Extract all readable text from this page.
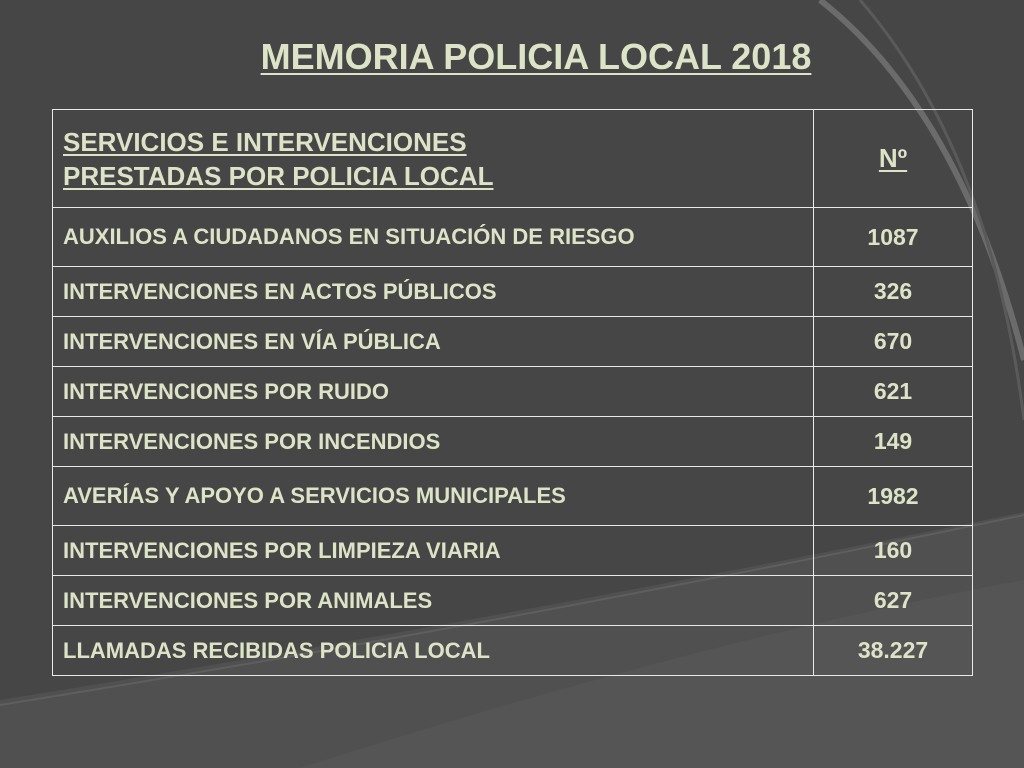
MEMORIA POLICIA LOCAL 2018
SERVICIOS E INTERVENCIONES
PRESTADAS POR POLICIA LOCAL	Nº
AUXILIOS A CIUDADANOS EN SITUACIÓN DE RIESGO	1087
INTERVENCIONES EN ACTOS PÚBLICOS	326
INTERVENCIONES EN VÍA PÚBLICA	670
INTERVENCIONES POR RUIDO	621
INTERVENCIONES POR INCENDIOS	149
AVERÍAS Y APOYO A SERVICIOS MUNICIPALES	1982
INTERVENCIONES POR LIMPIEZA VIARIA	160
INTERVENCIONES POR ANIMALES	627
LLAMADAS RECIBIDAS POLICIA LOCAL	38.227
